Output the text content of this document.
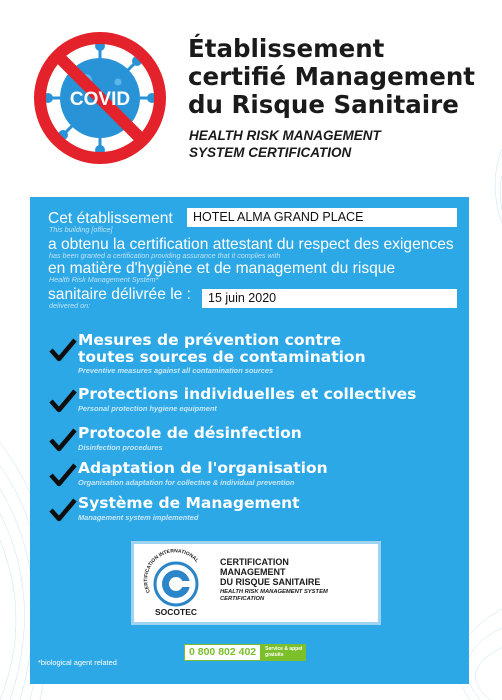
COVID
Établissement
certifié Management
du Risque Sanitaire

HEALTH RISK MANAGEMENT
SYSTEM CERTIFICATION

Cet établissement
This building [office]
HOTEL ALMA GRAND PLACE
a obtenu la certification attestant du respect des exigences
has been granted a certification providing assurance that it complies with
en matière d'hygiène et de management du risque
Health Risk Management System*
sanitaire délivrée le :
delivered on:
15 juin 2020
Mesures de prévention contre
toutes sources de contamination
Preventive measures against all contamination sources
Protections individuelles et collectives
Personal protection hygiene equipment
Protocole de désinfection
Disinfection procedures
Adaptation de l'organisation
Organisation adaptation for collective & individual prevention
Système de Management
Management system implemented
CERTIFICATION INTERNATIONAL
SOCOTEC
CERTIFICATION
MANAGEMENT
DU RISQUE SANITAIRE
HEALTH RISK MANAGEMENT SYSTEM
CERTIFICATION
*biological agent related
0 800 802 402	Service & appel
gratuits
